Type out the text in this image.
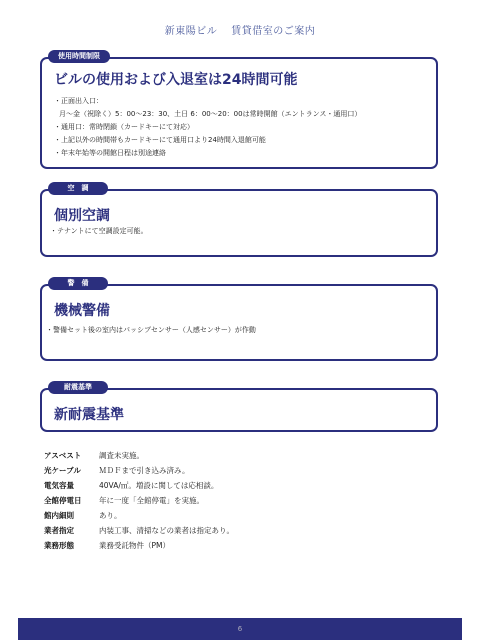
新東陽ビル 賃貸借室のご案内
使用時間制限
ビルの使用および入退室は24時間可能
・正面出入口：
月～金（祝除く）5：00～23：30、土日 6：00～20：00は常時開館（エントランス・通用口）
・通用口：常時閉鎖（カードキーにて対応）
・上記以外の時間帯もカードキーにて通用口より24時間入退館可能
・年末年始等の開館日程は別途連絡
空　調
個別空調
・テナントにて空調設定可能。
警　備
機械警備
・警備セット後の室内はパッシブセンサー（人感センサー）が作動
耐震基準
新耐震基準
アスベスト 調査未実施。
光ケーブル ＭＤＦまで引き込み済み。
電気容量	40VA/㎡。増設に関しては応相談。
全館停電日 年に一度「全館停電」を実施。
館内細則	あり。
業者指定	内装工事、清掃などの業者は指定あり。
業務形態	業務受託物件（PM）
6
